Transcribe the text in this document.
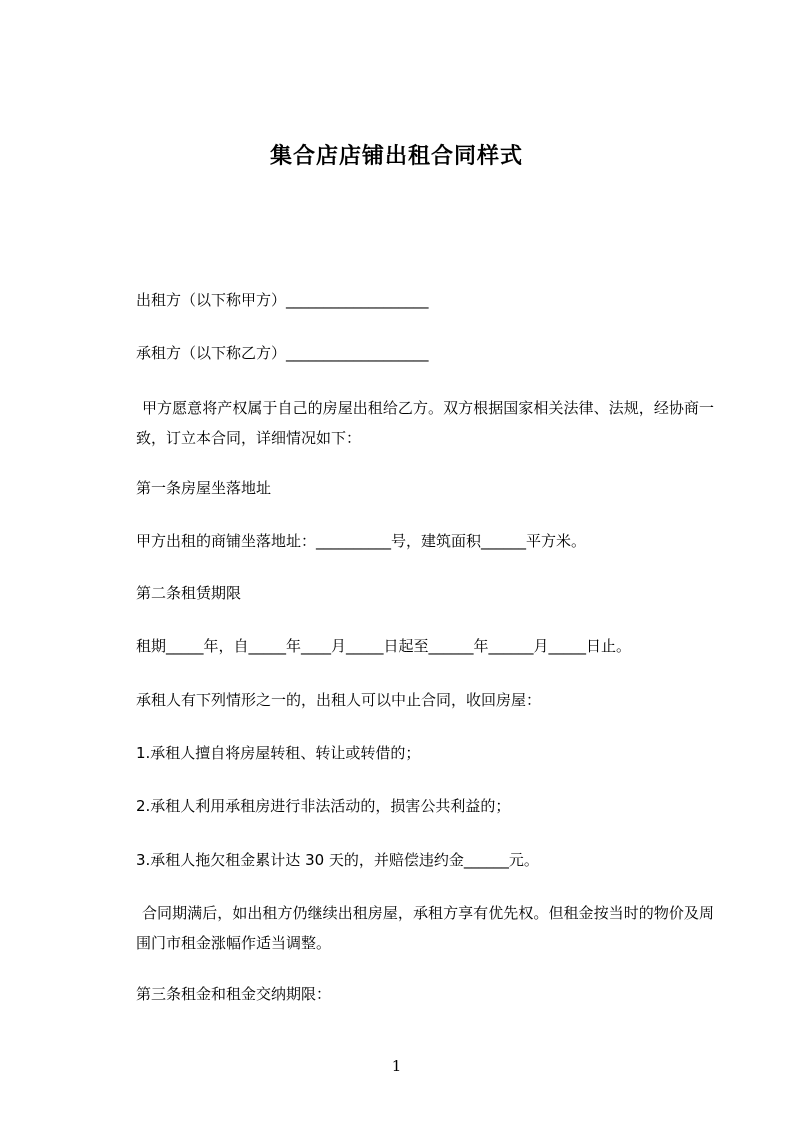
集合店店铺出租合同样式
出租方（以下称甲方）___________________
承租方（以下称乙方）___________________
甲方愿意将产权属于自己的房屋出租给乙方。双方根据国家相关法律、法规，经协商一致，订立本合同，详细情况如下：
第一条房屋坐落地址
甲方出租的商铺坐落地址：__________号，建筑面积______平方米。
第二条租赁期限
租期_____年，自_____年____月_____日起至______年______月_____日止。
承租人有下列情形之一的，出租人可以中止合同，收回房屋：
1.承租人擅自将房屋转租、转让或转借的；
2.承租人利用承租房进行非法活动的，损害公共利益的；
3.承租人拖欠租金累计达 30 天的，并赔偿违约金______元。
合同期满后，如出租方仍继续出租房屋，承租方享有优先权。但租金按当时的物价及周围门市租金涨幅作适当调整。
第三条租金和租金交纳期限：
1
